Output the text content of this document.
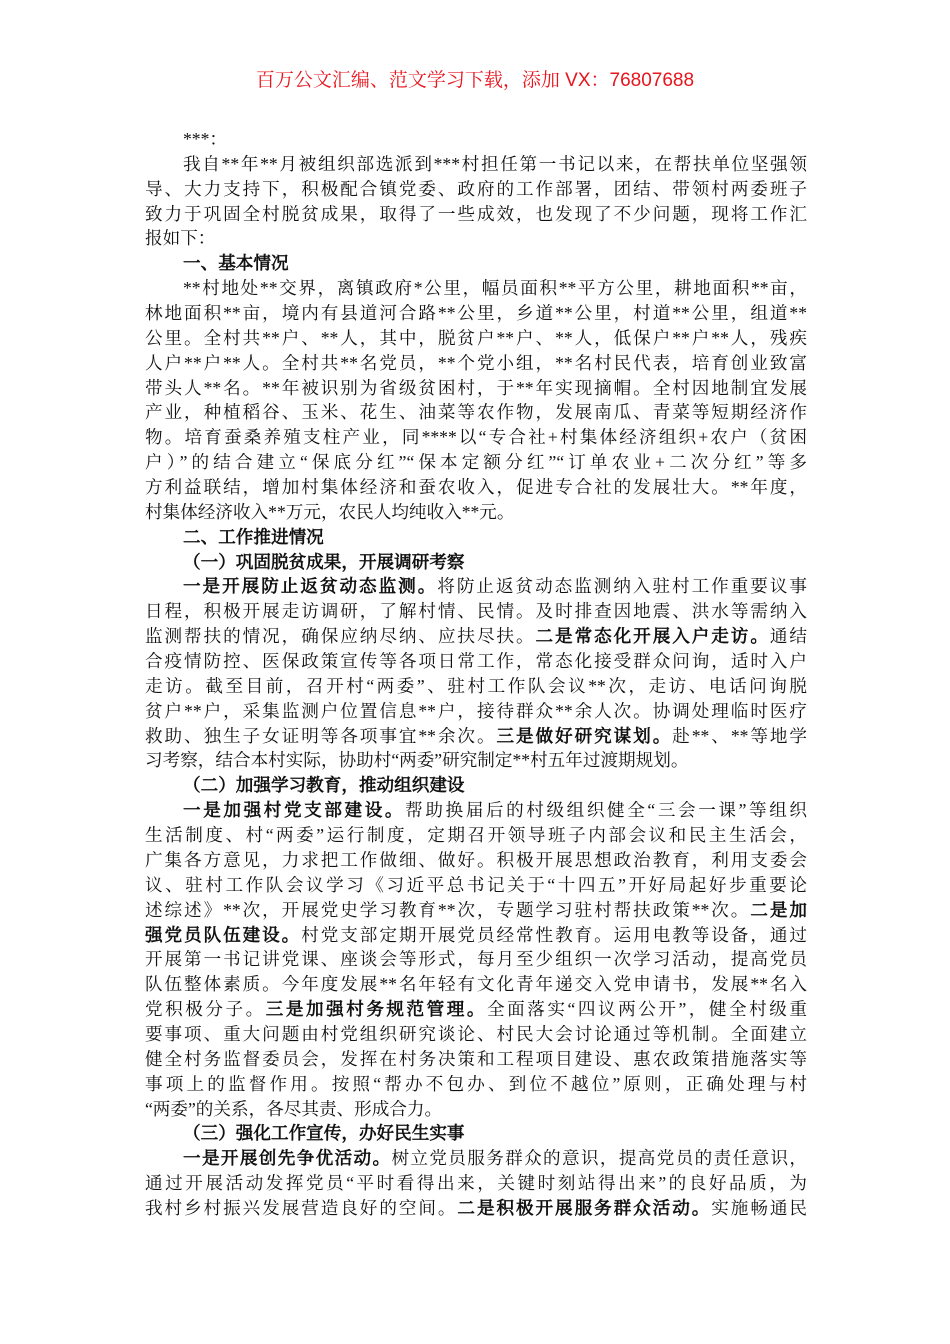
百万公文汇编、范文学习下载，添加 VX：76807688
***：
我自**年**月被组织部选派到***村担任第一书记以来，在帮扶单位坚强领
导、大力支持下，积极配合镇党委、政府的工作部署，团结、带领村两委班子
致力于巩固全村脱贫成果，取得了一些成效，也发现了不少问题，现将工作汇
报如下：
一、基本情况
**村地处**交界，离镇政府*公里，幅员面积**平方公里，耕地面积**亩，
林地面积**亩，境内有县道河合路**公里，乡道**公里，村道**公里，组道**
公里。全村共**户、**人，其中，脱贫户**户、**人，低保户**户**人，残疾
人户**户**人。全村共**名党员，**个党小组，**名村民代表，培育创业致富
带头人**名。**年被识别为省级贫困村，于**年实现摘帽。全村因地制宜发展
产业，种植稻谷、玉米、花生、油菜等农作物，发展南瓜、青菜等短期经济作
物。培育蚕桑养殖支柱产业，同****以“专合社+村集体经济组织+农户（贫困
户）”的结合建立“保底分红”“保本定额分红”“订单农业+二次分红”等多
方利益联结，增加村集体经济和蚕农收入，促进专合社的发展壮大。**年度，
村集体经济收入**万元，农民人均纯收入**元。
二、工作推进情况
（一）巩固脱贫成果，开展调研考察
一是开展防止返贫动态监测。将防止返贫动态监测纳入驻村工作重要议事
日程，积极开展走访调研，了解村情、民情。及时排查因地震、洪水等需纳入
监测帮扶的情况，确保应纳尽纳、应扶尽扶。二是常态化开展入户走访。通结
合疫情防控、医保政策宣传等各项日常工作，常态化接受群众问询，适时入户
走访。截至目前，召开村“两委”、驻村工作队会议**次，走访、电话问询脱
贫户**户，采集监测户位置信息**户，接待群众**余人次。协调处理临时医疗
救助、独生子女证明等各项事宜**余次。三是做好研究谋划。赴**、**等地学
习考察，结合本村实际，协助村“两委”研究制定**村五年过渡期规划。
（二）加强学习教育，推动组织建设
一是加强村党支部建设。帮助换届后的村级组织健全“三会一课”等组织
生活制度、村“两委”运行制度，定期召开领导班子内部会议和民主生活会，
广集各方意见，力求把工作做细、做好。积极开展思想政治教育，利用支委会
议、驻村工作队会议学习《习近平总书记关于“十四五”开好局起好步重要论
述综述》**次，开展党史学习教育**次，专题学习驻村帮扶政策**次。二是加
强党员队伍建设。村党支部定期开展党员经常性教育。运用电教等设备，通过
开展第一书记讲党课、座谈会等形式，每月至少组织一次学习活动，提高党员
队伍整体素质。今年度发展**名年轻有文化青年递交入党申请书，发展**名入
党积极分子。三是加强村务规范管理。全面落实“四议两公开”，健全村级重
要事项、重大问题由村党组织研究谈论、村民大会讨论通过等机制。全面建立
健全村务监督委员会，发挥在村务决策和工程项目建设、惠农政策措施落实等
事项上的监督作用。按照“帮办不包办、到位不越位”原则，正确处理与村
“两委”的关系，各尽其责、形成合力。
（三）强化工作宣传，办好民生实事
一是开展创先争优活动。树立党员服务群众的意识，提高党员的责任意识，
通过开展活动发挥党员“平时看得出来，关键时刻站得出来”的良好品质，为
我村乡村振兴发展营造良好的空间。二是积极开展服务群众活动。实施畅通民
